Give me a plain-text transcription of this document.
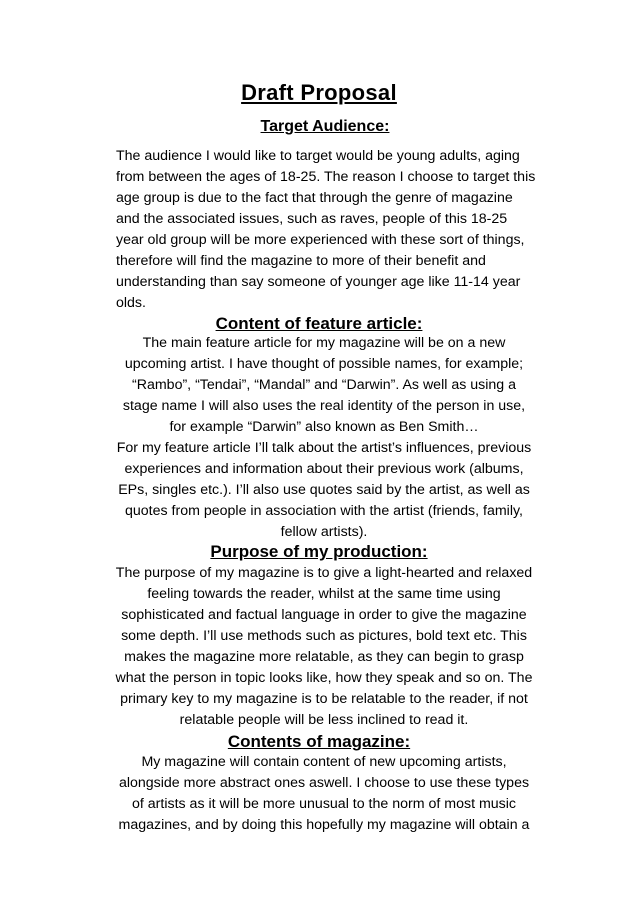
Draft Proposal
Target Audience:
The audience I would like to target would be young adults, aging
from between the ages of 18-25. The reason I choose to target this
age group is due to the fact that through the genre of magazine
and the associated issues, such as raves, people of this 18-25
year old group will be more experienced with these sort of things,
therefore will find the magazine to more of their benefit and
understanding than say someone of younger age like 11-14 year
olds.
Content of feature article:
The main feature article for my magazine will be on a new
upcoming artist. I have thought of possible names, for example;
“Rambo”, “Tendai”, “Mandal” and “Darwin”. As well as using a
stage name I will also uses the real identity of the person in use,
for example “Darwin” also known as Ben Smith…
For my feature article I’ll talk about the artist’s influences, previous
experiences and information about their previous work (albums,
EPs, singles etc.). I’ll also use quotes said by the artist, as well as
quotes from people in association with the artist (friends, family,
fellow artists).
Purpose of my production:
The purpose of my magazine is to give a light-hearted and relaxed
feeling towards the reader, whilst at the same time using
sophisticated and factual language in order to give the magazine
some depth. I’ll use methods such as pictures, bold text etc. This
makes the magazine more relatable, as they can begin to grasp
what the person in topic looks like, how they speak and so on. The
primary key to my magazine is to be relatable to the reader, if not
relatable people will be less inclined to read it.
Contents of magazine:
My magazine will contain content of new upcoming artists,
alongside more abstract ones aswell. I choose to use these types
of artists as it will be more unusual to the norm of most music
magazines, and by doing this hopefully my magazine will obtain a
